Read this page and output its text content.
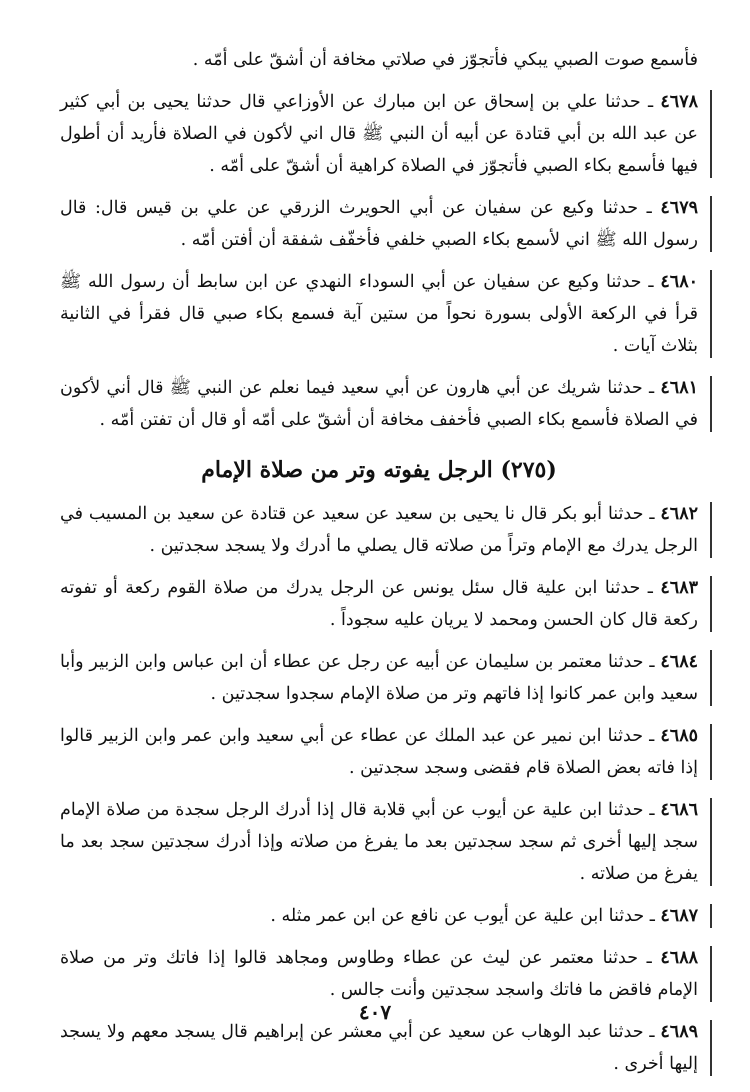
فأسمع صوت الصبي يبكي فأتجوّز في صلاتي مخافة أن أشقّ على أمّه .

٤٦٧٨ ـ حدثنا علي بن إسحاق عن ابن مبارك عن الأوزاعي قال حدثنا يحيى بن أبي كثير عن عبد الله بن أبي قتادة عن أبيه أن النبي ﷺ قال اني لأكون في الصلاة فأريد أن أطول فيها فأسمع بكاء الصبي فأتجوّز في الصلاة كراهية أن أشقّ على أمّه .

٤٦٧٩ ـ حدثنا وكيع عن سفيان عن أبي الحويرث الزرقي عن علي بن قيس قال: قال رسول الله ﷺ اني لأسمع بكاء الصبي خلفي فأخفّف شفقة أن أفتن أمّه .

٤٦٨٠ ـ حدثنا وكيع عن سفيان عن أبي السوداء النهدي عن ابن سابط أن رسول الله ﷺ قرأ في الركعة الأولى بسورة نحواً من ستين آية فسمع بكاء صبي قال فقرأ في الثانية بثلاث آيات .

٤٦٨١ ـ حدثنا شريك عن أبي هارون عن أبي سعيد فيما نعلم عن النبي ﷺ قال أني لأكون في الصلاة فأسمع بكاء الصبي فأخفف مخافة أن أشقّ على أمّه أو قال أن تفتن أمّه .

(٢٧٥) الرجل يفوته وتر من صلاة الإمام

٤٦٨٢ ـ حدثنا أبو بكر قال نا يحيى بن سعيد عن سعيد عن قتادة عن سعيد بن المسيب في الرجل يدرك مع الإمام وتراً من صلاته قال يصلي ما أدرك ولا يسجد سجدتين .

٤٦٨٣ ـ حدثنا ابن علية قال سئل يونس عن الرجل يدرك من صلاة القوم ركعة أو تفوته ركعة قال كان الحسن ومحمد لا يريان عليه سجوداً .

٤٦٨٤ ـ حدثنا معتمر بن سليمان عن أبيه عن رجل عن عطاء أن ابن عباس وابن الزبير وأبا سعيد وابن عمر كانوا إذا فاتهم وتر من صلاة الإمام سجدوا سجدتين .

٤٦٨٥ ـ حدثنا ابن نمير عن عبد الملك عن عطاء عن أبي سعيد وابن عمر وابن الزبير قالوا إذا فاته بعض الصلاة قام فقضى وسجد سجدتين .

٤٦٨٦ ـ حدثنا ابن علية عن أيوب عن أبي قلابة قال إذا أدرك الرجل سجدة من صلاة الإمام سجد إليها أخرى ثم سجد سجدتين بعد ما يفرغ من صلاته وإذا أدرك سجدتين سجد بعد ما يفرغ من صلاته .

٤٦٨٧ ـ حدثنا ابن علية عن أيوب عن نافع عن ابن عمر مثله .

٤٦٨٨ ـ حدثنا معتمر عن ليث عن عطاء وطاوس ومجاهد قالوا إذا فاتك وتر من صلاة الإمام فاقض ما فاتك واسجد سجدتين وأنت جالس .

٤٦٨٩ ـ حدثنا عبد الوهاب عن سعيد عن أبي معشر عن إبراهيم قال يسجد معهم ولا يسجد إليها أخرى .

٤٠٧
